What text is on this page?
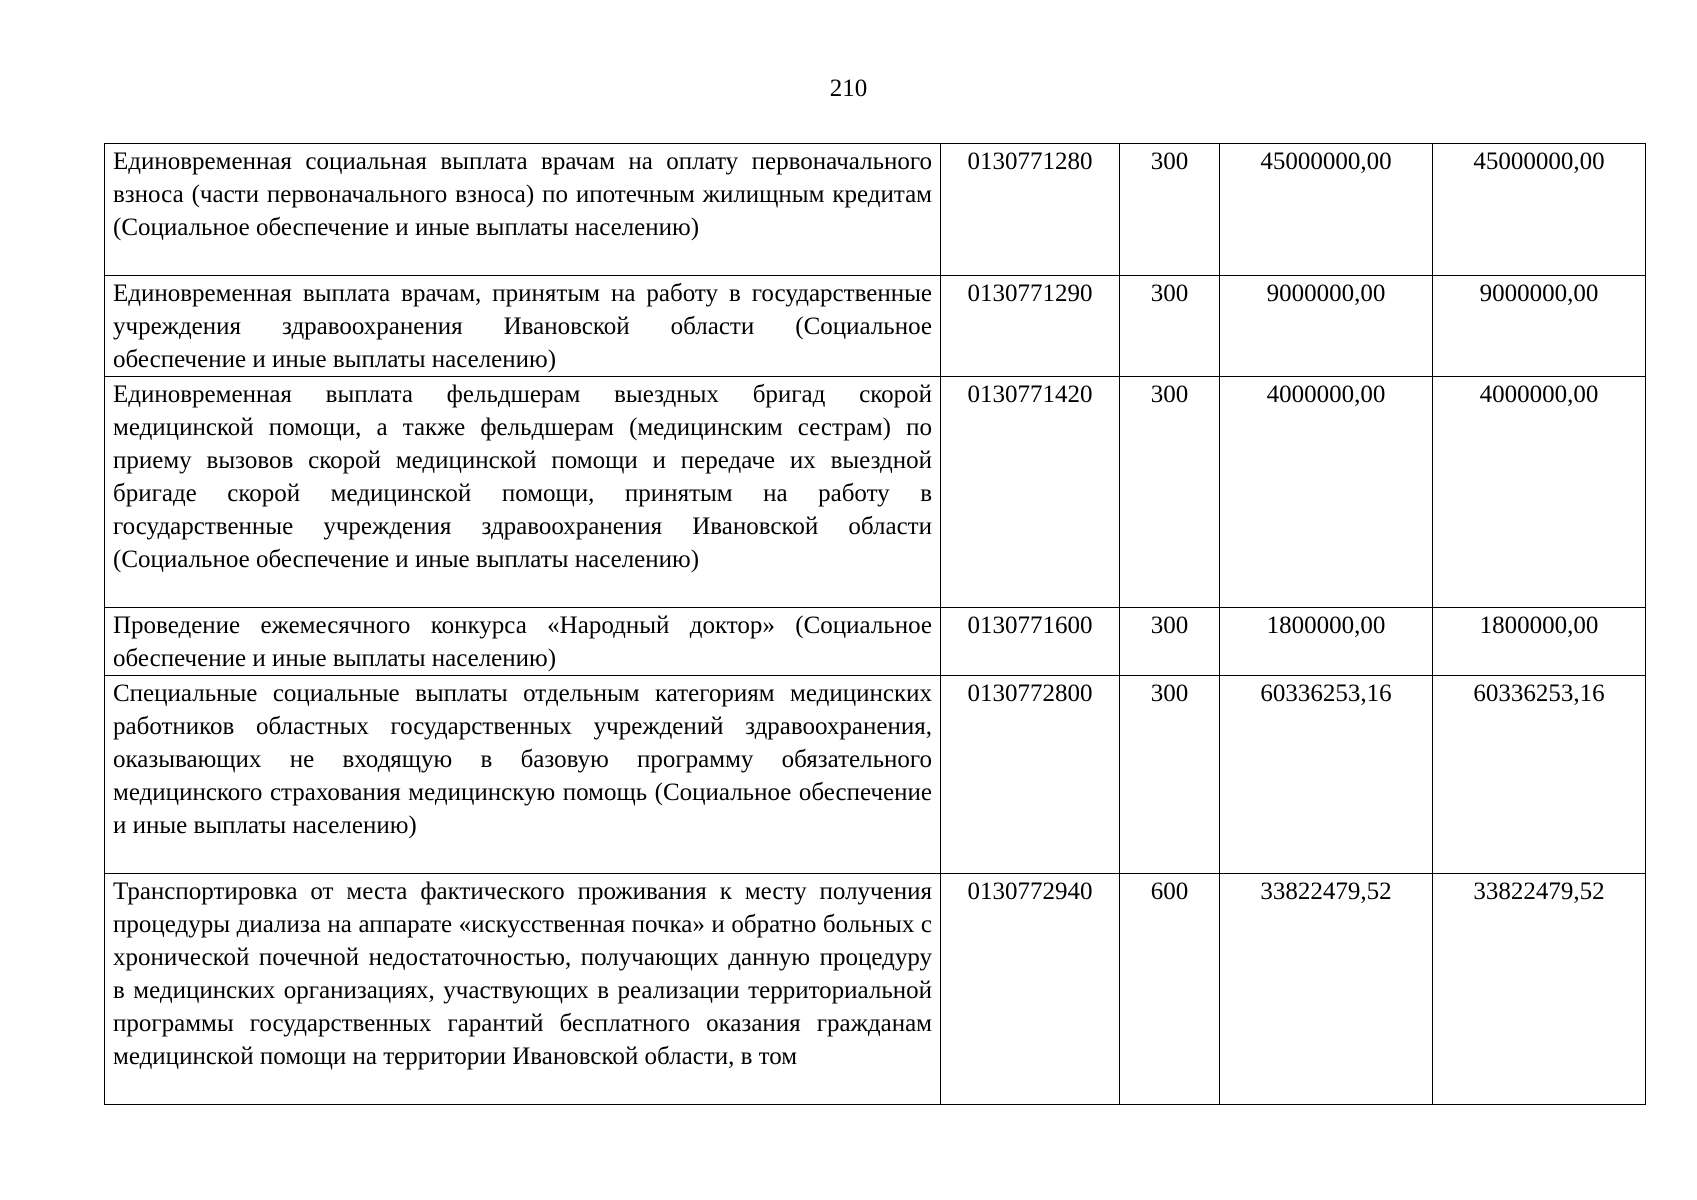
210
Единовременная социальная выплата врачам на оплату первоначального взноса (части первоначального взноса) по ипотечным жилищным кредитам (Социальное обеспечение и иные выплаты населению)	0130771280	300	45000000,00	45000000,00

Единовременная выплата врачам, принятым на работу в государственные учреждения здравоохранения Ивановской области (Социальное обеспечение и иные выплаты населению)	0130771290	300	9000000,00	9000000,00

Единовременная выплата фельдшерам выездных бригад скорой медицинской помощи, а также фельдшерам (медицинским сестрам) по приему вызовов скорой медицинской помощи и передаче их выездной бригаде скорой медицинской помощи, принятым на работу в государственные учреждения здравоохранения Ивановской области (Социальное обеспечение и иные выплаты населению)	0130771420	300	4000000,00	4000000,00

Проведение ежемесячного конкурса «Народный доктор» (Социальное обеспечение и иные выплаты населению)	0130771600	300	1800000,00	1800000,00

Специальные социальные выплаты отдельным категориям медицинских работников областных государственных учреждений здравоохранения, оказывающих не входящую в базовую программу обязательного медицинского страхования медицинскую помощь (Социальное обеспечение и иные выплаты населению)	0130772800	300	60336253,16	60336253,16

Транспортировка от места фактического проживания к месту получения процедуры диализа на аппарате «искусственная почка» и обратно больных с хронической почечной недостаточностью, получающих данную процедуру в медицинских организациях, участвующих в реализации территориальной программы государственных гарантий бесплатного оказания гражданам медицинской помощи на территории Ивановской области, в том	0130772940	600	33822479,52	33822479,52
